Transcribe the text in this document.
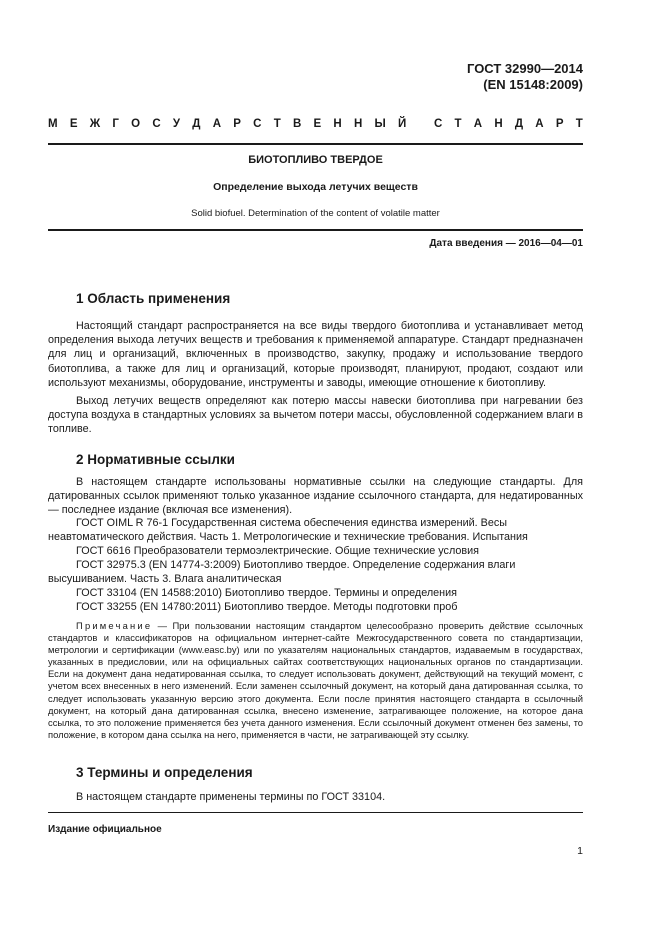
ГОСТ 32990—2014
(EN 15148:2009)
М Е Ж Г О С У Д А Р С Т В Е Н Н Ы Й
С Т А Н Д А Р Т
БИОТОПЛИВО ТВЕРДОЕ
Определение выхода летучих веществ
Solid biofuel. Determination of the content of volatile matter
Дата введения — 2016—04—01
1 Область применения
Настоящий стандарт распространяется на все виды твердого биотоплива и устанавливает метод определения выхода летучих веществ и требования к применяемой аппаратуре. Стандарт предназначен для лиц и организаций, включенных в производство, закупку, продажу и использование твердого биотоплива, а также для лиц и организаций, которые производят, планируют, продают, создают или используют механизмы, оборудование, инструменты и заводы, имеющие отношение к биотопливу.
Выход летучих веществ определяют как потерю массы навески биотоплива при нагревании без доступа воздуха в стандартных условиях за вычетом потери массы, обусловленной содержанием влаги в топливе.
2 Нормативные ссылки
В настоящем стандарте использованы нормативные ссылки на следующие стандарты. Для датированных ссылок применяют только указанное издание ссылочного стандарта, для недатированных — последнее издание (включая все изменения).
ГОСТ OIML R 76-1 Государственная система обеспечения единства измерений. Весы неавтоматического действия. Часть 1. Метрологические и технические требования. Испытания
ГОСТ 6616 Преобразователи термоэлектрические. Общие технические условия
ГОСТ 32975.3 (EN 14774-3:2009) Биотопливо твердое. Определение содержания влаги высушиванием. Часть 3. Влага аналитическая
ГОСТ 33104 (EN 14588:2010) Биотопливо твердое. Термины и определения
ГОСТ 33255 (EN 14780:2011) Биотопливо твердое. Методы подготовки проб
Примечание — При пользовании настоящим стандартом целесообразно проверить действие ссылочных стандартов и классификаторов на официальном интернет-сайте Межгосударственного совета по стандартизации, метрологии и сертификации (www.easc.by) или по указателям национальных стандартов, издаваемым в государствах, указанных в предисловии, или на официальных сайтах соответствующих национальных органов по стандартизации. Если на документ дана недатированная ссылка, то следует использовать документ, действующий на текущий момент, с учетом всех внесенных в него изменений. Если заменен ссылочный документ, на который дана датированная ссылка, то следует использовать указанную версию этого документа. Если после принятия настоящего стандарта в ссылочный документ, на который дана датированная ссылка, внесено изменение, затрагивающее положение, на которое дана ссылка, то это положение применяется без учета данного изменения. Если ссылочный документ отменен без замены, то положение, в котором дана ссылка на него, применяется в части, не затрагивающей эту ссылку.
3 Термины и определения
В настоящем стандарте применены термины по ГОСТ 33104.
Издание официальное
1
